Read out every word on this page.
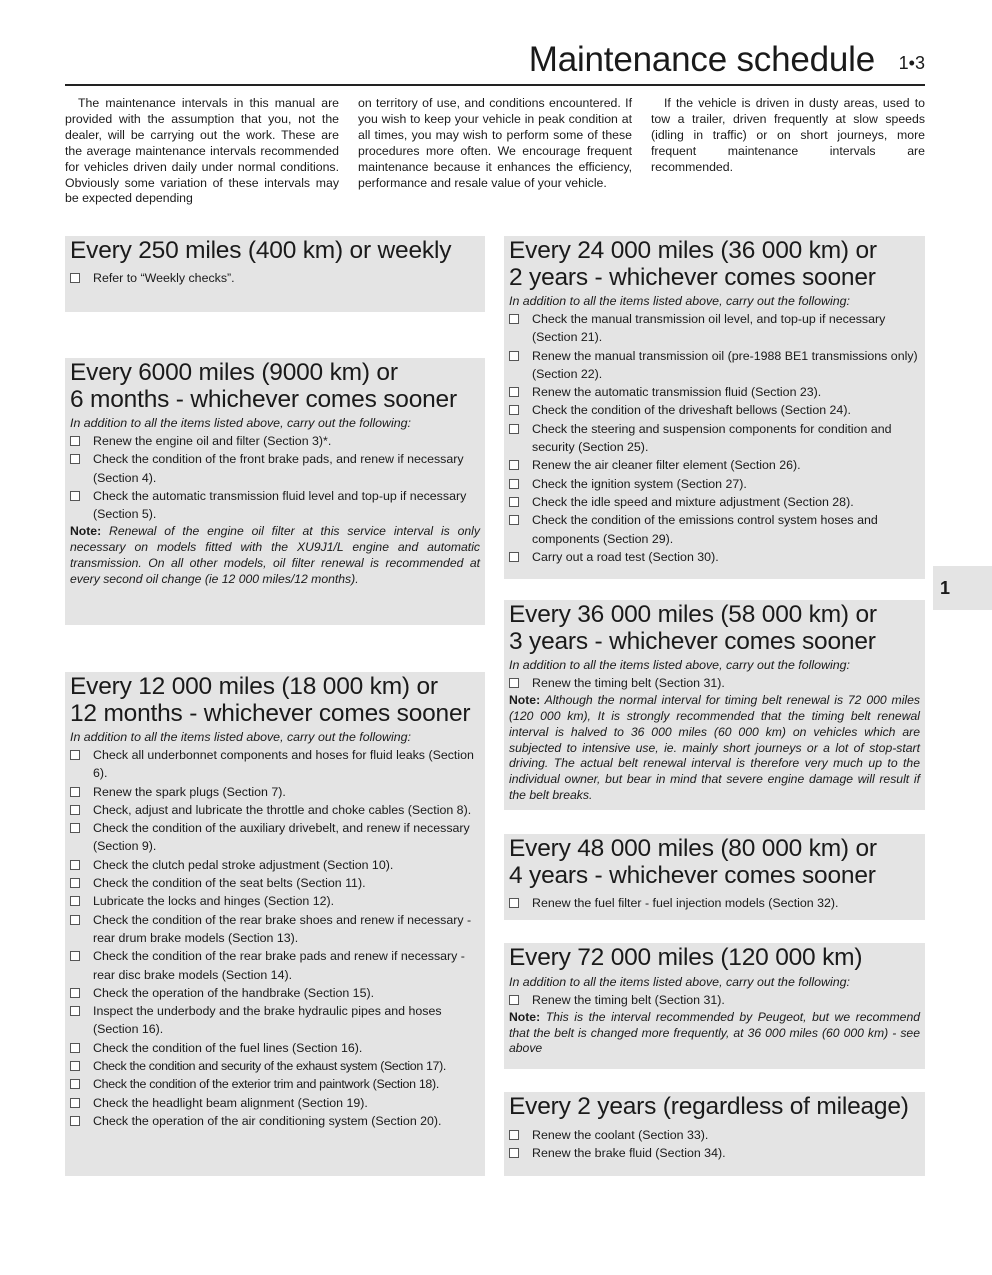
Maintenance schedule 1•3

The maintenance intervals in this manual are provided with the assumption that you, not the dealer, will be carrying out the work. These are the average maintenance intervals recommended for vehicles driven daily under normal conditions. Obviously some variation of these intervals may be expected depending

on territory of use, and conditions encountered. If you wish to keep your vehicle in peak condition at all times, you may wish to perform some of these procedures more often. We encourage frequent maintenance because it enhances the efficiency, performance and resale value of your vehicle.

If the vehicle is driven in dusty areas, used to tow a trailer, driven frequently at slow speeds (idling in traffic) or on short journeys, more frequent maintenance intervals are recommended.

1
Every 250 miles (400 km) or weekly
Refer to “Weekly checks”.
Every 6000 miles (9000 km) or
6 months - whichever comes sooner
In addition to all the items listed above, carry out the following:
Renew the engine oil and filter (Section 3)*.
Check the condition of the front brake pads, and renew if necessary (Section 4).
Check the automatic transmission fluid level and top-up if necessary (Section 5).
Note: Renewal of the engine oil filter at this service interval is only necessary on models fitted with the XU9J1/L engine and automatic transmission. On all other models, oil filter renewal is recommended at every second oil change (ie 12 000 miles/12 months).
Every 12 000 miles (18 000 km) or
12 months - whichever comes sooner
In addition to all the items listed above, carry out the following:
Check all underbonnet components and hoses for fluid leaks (Section 6).
Renew the spark plugs (Section 7).
Check, adjust and lubricate the throttle and choke cables (Section 8).
Check the condition of the auxiliary drivebelt, and renew if necessary (Section 9).
Check the clutch pedal stroke adjustment (Section 10).
Check the condition of the seat belts (Section 11).
Lubricate the locks and hinges (Section 12).
Check the condition of the rear brake shoes and renew if necessary - rear drum brake models (Section 13).
Check the condition of the rear brake pads and renew if necessary - rear disc brake models (Section 14).
Check the operation of the handbrake (Section 15).
Inspect the underbody and the brake hydraulic pipes and hoses (Section 16).
Check the condition of the fuel lines (Section 16).
Check the condition and security of the exhaust system (Section 17).
Check the condition of the exterior trim and paintwork (Section 18).
Check the headlight beam alignment (Section 19).
Check the operation of the air conditioning system (Section 20).
Every 24 000 miles (36 000 km) or
2 years - whichever comes sooner
In addition to all the items listed above, carry out the following:
Check the manual transmission oil level, and top-up if necessary (Section 21).
Renew the manual transmission oil (pre-1988 BE1 transmissions only) (Section 22).
Renew the automatic transmission fluid (Section 23).
Check the condition of the driveshaft bellows (Section 24).
Check the steering and suspension components for condition and security (Section 25).
Renew the air cleaner filter element (Section 26).
Check the ignition system (Section 27).
Check the idle speed and mixture adjustment (Section 28).
Check the condition of the emissions control system hoses and components (Section 29).
Carry out a road test (Section 30).
Every 36 000 miles (58 000 km) or
3 years - whichever comes sooner
In addition to all the items listed above, carry out the following:
Renew the timing belt (Section 31).
Note: Although the normal interval for timing belt renewal is 72 000 miles (120 000 km), It is strongly recommended that the timing belt renewal interval is halved to 36 000 miles (60 000 km) on vehicles which are subjected to intensive use, ie. mainly short journeys or a lot of stop-start driving. The actual belt renewal interval is therefore very much up to the individual owner, but bear in mind that severe engine damage will result if the belt breaks.
Every 48 000 miles (80 000 km) or
4 years - whichever comes sooner
Renew the fuel filter - fuel injection models (Section 32).
Every 72 000 miles (120 000 km)
In addition to all the items listed above, carry out the following:
Renew the timing belt (Section 31).
Note: This is the interval recommended by Peugeot, but we recommend that the belt is changed more frequently, at 36 000 miles (60 000 km) - see above
Every 2 years (regardless of mileage)
Renew the coolant (Section 33).
Renew the brake fluid (Section 34).
